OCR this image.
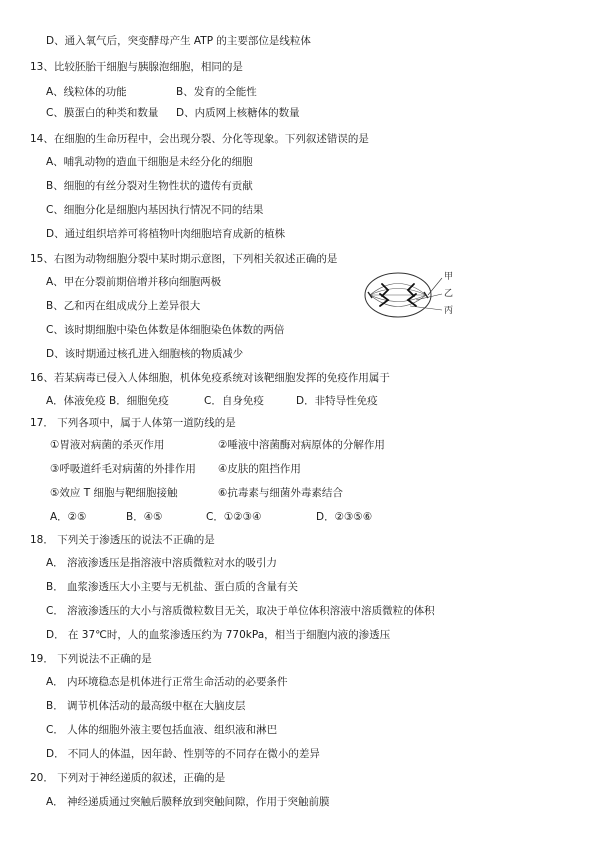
D、通入氧气后，突变酵母产生 ATP 的主要部位是线粒体
13、比较胚胎干细胞与胰腺泡细胞，相同的是
A、线粒体的功能	B、发育的全能性
C、膜蛋白的种类和数量 D、内质网上核糖体的数量
14、在细胞的生命历程中，会出现分裂、分化等现象。下列叙述错误的是
A、哺乳动物的造血干细胞是未经分化的细胞
B、细胞的有丝分裂对生物性状的遗传有贡献
C、细胞分化是细胞内基因执行情况不同的结果
D、通过组织培养可将植物叶肉细胞培育成新的植株
15、右图为动物细胞分裂中某时期示意图，下列相关叙述正确的是
A、甲在分裂前期倍增并移向细胞两极
B、乙和丙在组成成分上差异很大
C、该时期细胞中染色体数是体细胞染色体数的两倍
D、该时期通过核孔进入细胞核的物质减少
甲
乙
丙
16、若某病毒已侵入人体细胞，机体免疫系统对该靶细胞发挥的免疫作用属于
A．体液免疫 B．细胞免疫	C．自身免疫	D．非特导性免疫
17． 下列各项中，属于人体第一道防线的是
①胃液对病菌的杀灭作用	②唾液中溶菌酶对病原体的分解作用
③呼吸道纤毛对病菌的外排作用 ④皮肤的阻挡作用
⑤效应 T 细胞与靶细胞接触	⑥抗毒素与细菌外毒素结合
A．②⑤	B．④⑤	C．①②③④	D．②③⑤⑥
18． 下列关于渗透压的说法不正确的是
A． 溶液渗透压是指溶液中溶质微粒对水的吸引力
B． 血浆渗透压大小主要与无机盐、蛋白质的含量有关
C． 溶液渗透压的大小与溶质微粒数目无关，取决于单位体积溶液中溶质微粒的体积
D． 在 37℃时，人的血浆渗透压约为 770kPa，相当于细胞内液的渗透压
19． 下列说法不正确的是
A． 内环境稳态是机体进行正常生命活动的必要条件
B． 调节机体活动的最高级中枢在大脑皮层
C． 人体的细胞外液主要包括血液、组织液和淋巴
D． 不同人的体温，因年龄、性别等的不同存在微小的差异
20． 下列对于神经递质的叙述，正确的是
A． 神经递质通过突触后膜释放到突触间隙，作用于突触前膜
